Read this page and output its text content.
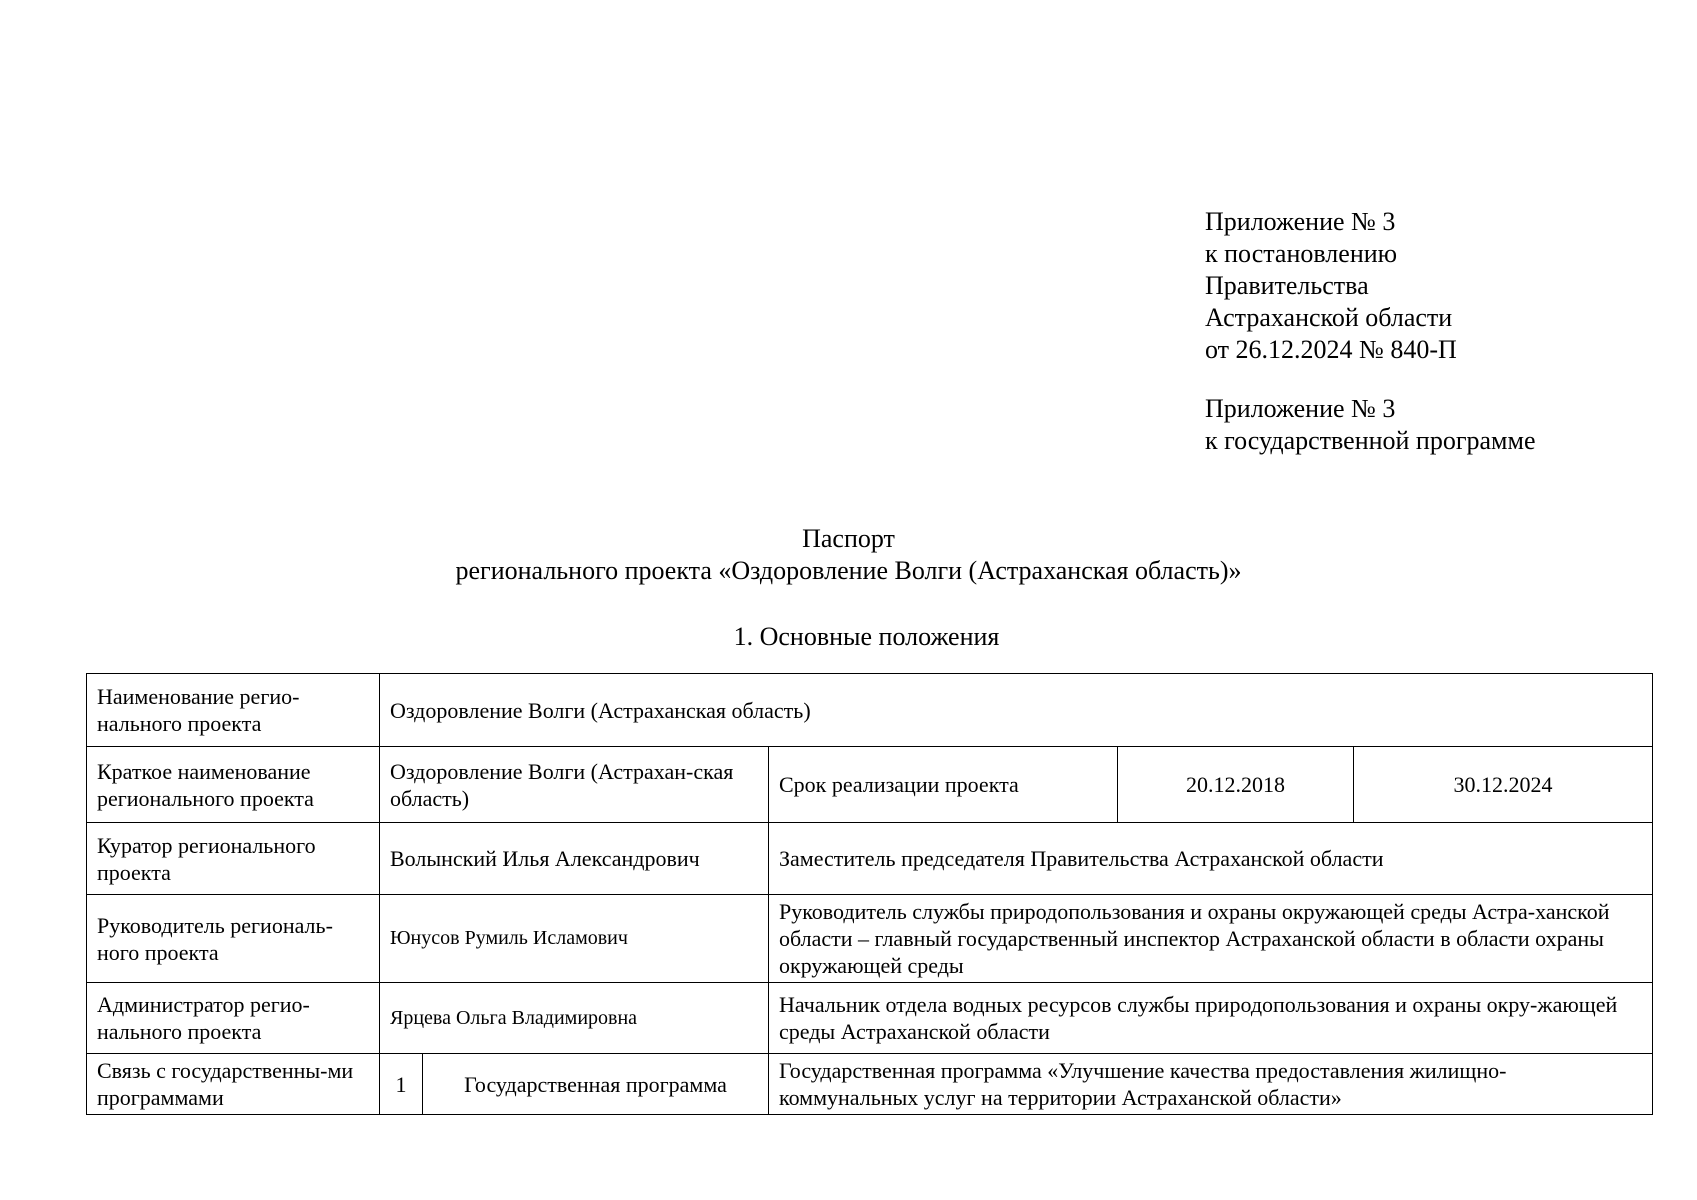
Приложение № 3
к постановлению
Правительства
Астраханской области
от 26.12.2024 № 840-П
Приложение № 3
к государственной программе
Паспорт
регионального проекта «Оздоровление Волги (Астраханская область)»
1. Основные положения
Наименование регио-нального проекта	Оздоровление Волги (Астраханская область)				
Краткое наименование регионального проекта	Оздоровление Волги (Астрахан-ская область)		Срок реализации проекта	20.12.2018	30.12.2024
Куратор регионального проекта	Волынский Илья Александрович		Заместитель председателя Правительства Астраханской области		
Руководитель региональ-ного проекта	Юнусов Румиль Исламович		Руководитель службы природопользования и охраны окружающей среды Астра-ханской области – главный государственный инспектор Астраханской области в области охраны окружающей среды		
Администратор регио-нального проекта	Ярцева Ольга Владимировна		Начальник отдела водных ресурсов службы природопользования и охраны окру-жающей среды Астраханской области		
Связь с государственны-ми программами	1	Государственная программа	Государственная программа «Улучшение качества предоставления жилищно-коммунальных услуг на территории Астраханской области»		
